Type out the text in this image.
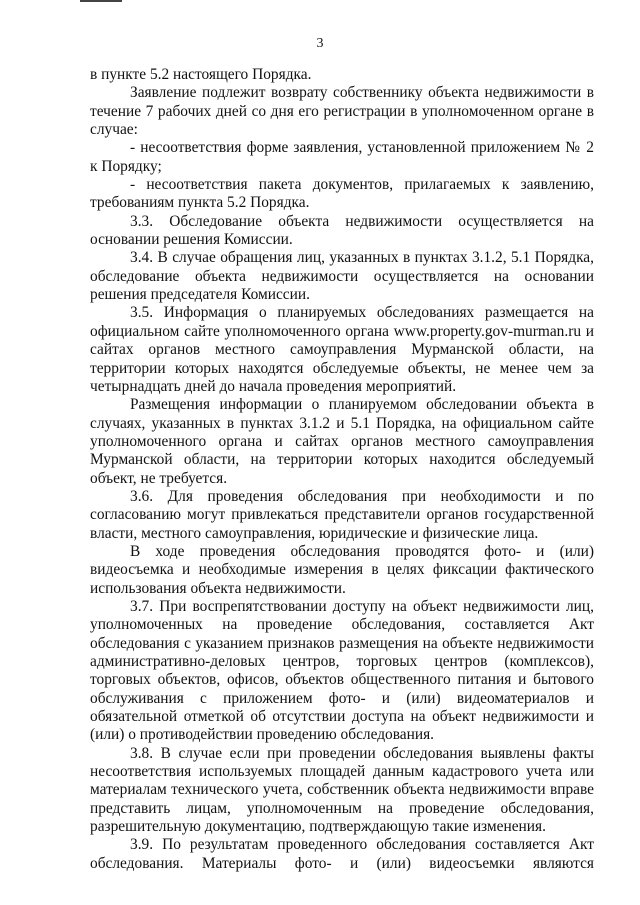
3

в пункте 5.2 настоящего Порядка.

Заявление подлежит возврату собственнику объекта недвижимости в течение 7 рабочих дней со дня его регистрации в уполномоченном органе в случае:

- несоответствия форме заявления, установленной приложением № 2 к Порядку;

- несоответствия пакета документов, прилагаемых к заявлению, требованиям пункта 5.2 Порядка.

3.3. Обследование объекта недвижимости осуществляется на основании решения Комиссии.

3.4. В случае обращения лиц, указанных в пунктах 3.1.2, 5.1 Порядка, обследование объекта недвижимости осуществляется на основании решения председателя Комиссии.

3.5. Информация о планируемых обследованиях размещается на официальном сайте уполномоченного органа www.property.gov-murman.ru и сайтах органов местного самоуправления Мурманской области, на территории которых находятся обследуемые объекты, не менее чем за четырнадцать дней до начала проведения мероприятий.

Размещения информации о планируемом обследовании объекта в случаях, указанных в пунктах 3.1.2 и 5.1 Порядка, на официальном сайте уполномоченного органа и сайтах органов местного самоуправления Мурманской области, на территории которых находится обследуемый объект, не требуется.

3.6. Для проведения обследования при необходимости и по согласованию могут привлекаться представители органов государственной власти, местного самоуправления, юридические и физические лица.

В ходе проведения обследования проводятся фото- и (или) видеосъемка и необходимые измерения в целях фиксации фактического использования объекта недвижимости.

3.7. При воспрепятствовании доступу на объект недвижимости лиц, уполномоченных на проведение обследования, составляется Акт обследования с указанием признаков размещения на объекте недвижимости административно-деловых центров, торговых центров (комплексов), торговых объектов, офисов, объектов общественного питания и бытового обслуживания с приложением фото- и (или) видеоматериалов и обязательной отметкой об отсутствии доступа на объект недвижимости и (или) о противодействии проведению обследования.

3.8. В случае если при проведении обследования выявлены факты несоответствия используемых площадей данным кадастрового учета или материалам технического учета, собственник объекта недвижимости вправе представить лицам, уполномоченным на проведение обследования, разрешительную документацию, подтверждающую такие изменения.

3.9. По результатам проведенного обследования составляется Акт обследования. Материалы фото- и (или) видеосъемки являются
